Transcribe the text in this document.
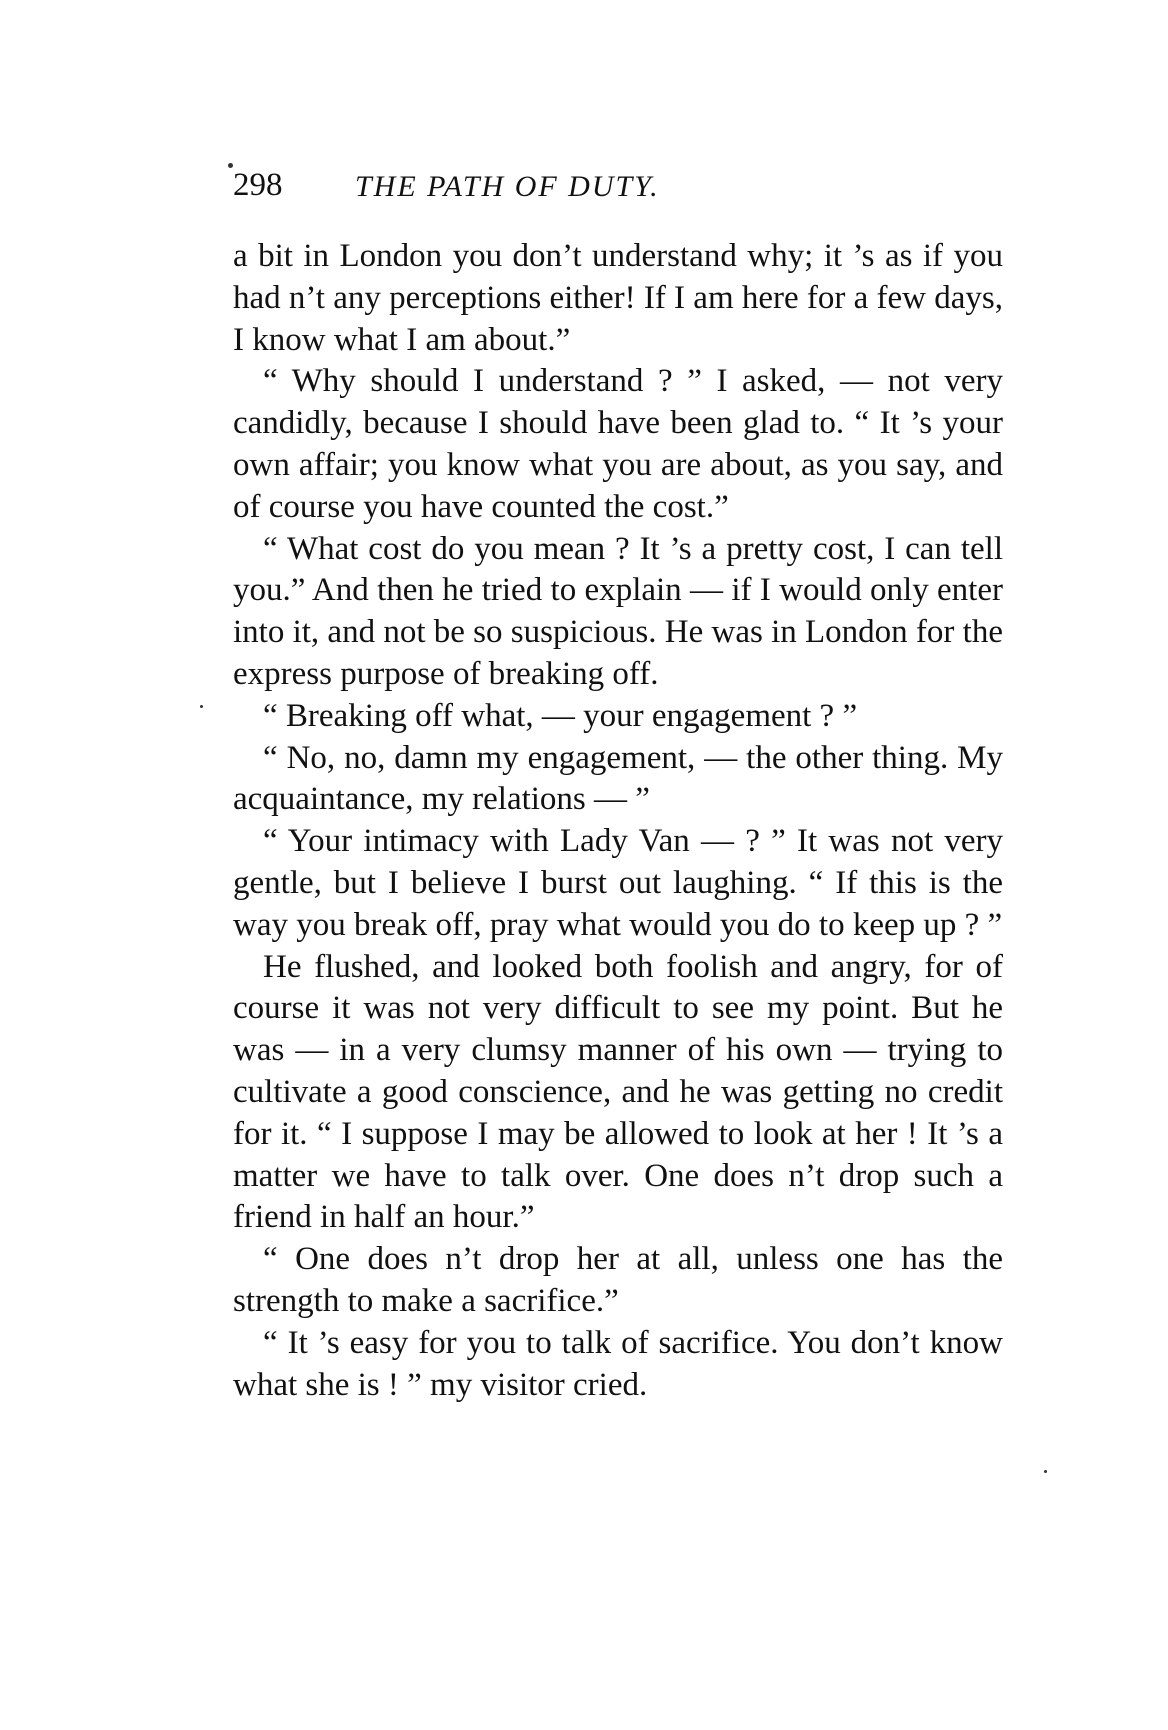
298 THE PATH OF DUTY.

a bit in London you don’t understand why; it ’s as if you had n’t any perceptions either! If I am here for a few days, I know what I am about.”

“ Why should I understand ? ” I asked, — not very candidly, because I should have been glad to. “ It ’s your own affair; you know what you are about, as you say, and of course you have counted the cost.”

“ What cost do you mean ? It ’s a pretty cost, I can tell you.” And then he tried to explain — if I would only enter into it, and not be so suspicious. He was in London for the express purpose of breaking off.

“ Breaking off what, — your engagement ? ”

“ No, no, damn my engagement, — the other thing. My acquaintance, my relations — ”

“ Your intimacy with Lady Van — ? ” It was not very gentle, but I believe I burst out laughing. “ If this is the way you break off, pray what would you do to keep up ? ”

He flushed, and looked both foolish and angry, for of course it was not very difficult to see my point. But he was — in a very clumsy manner of his own — trying to cultivate a good conscience, and he was getting no credit for it. “ I suppose I may be allowed to look at her ! It ’s a matter we have to talk over. One does n’t drop such a friend in half an hour.”

“ One does n’t drop her at all, unless one has the strength to make a sacrifice.”

“ It ’s easy for you to talk of sacrifice. You don’t know what she is ! ” my visitor cried.
